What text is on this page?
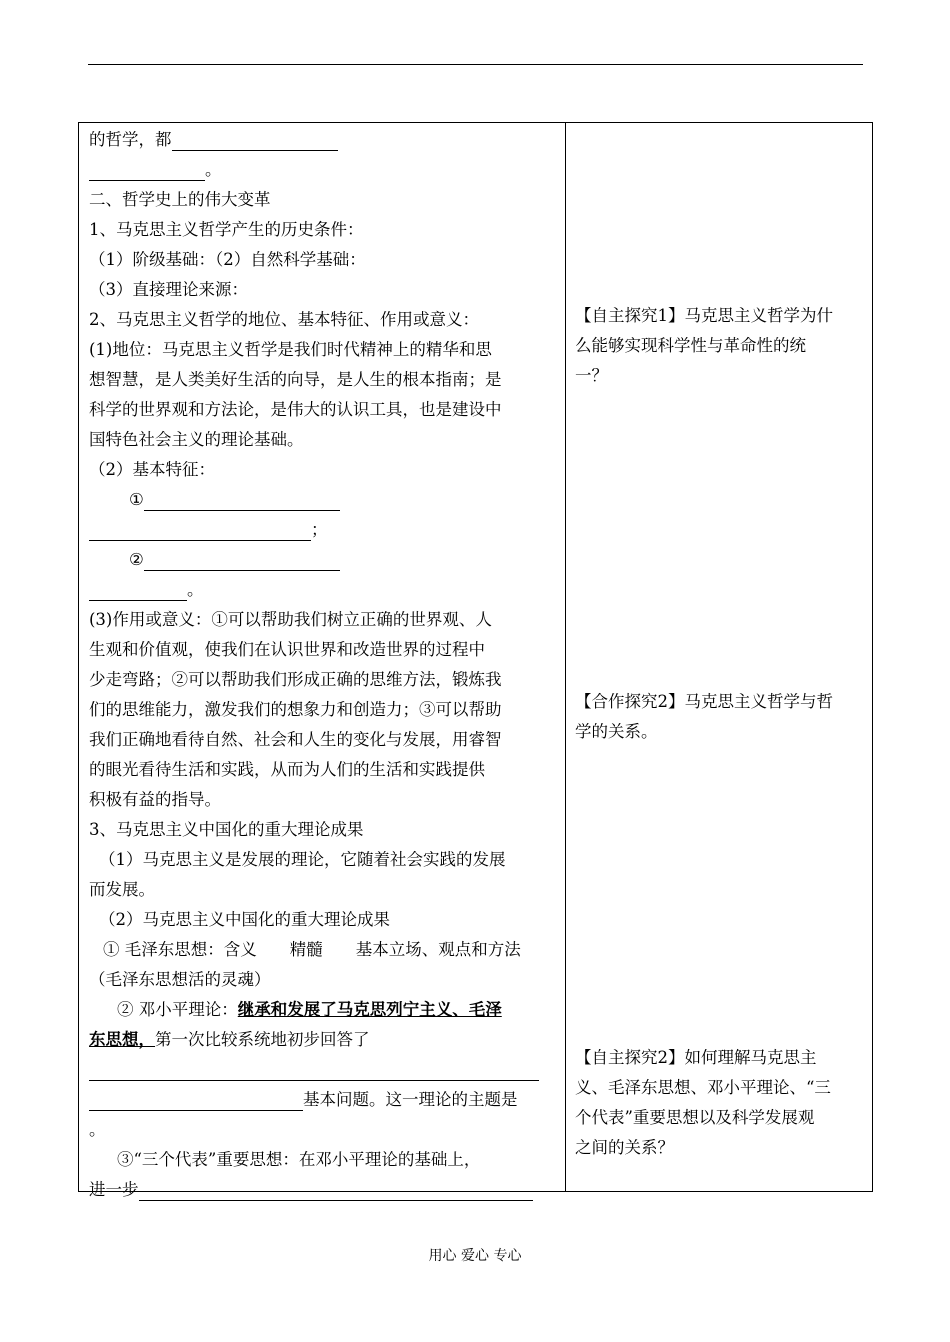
的哲学，都

。

二、哲学史上的伟大变革

1、马克思主义哲学产生的历史条件：

（1）阶级基础：（2）自然科学基础：

（3）直接理论来源：

2、马克思主义哲学的地位、基本特征、作用或意义：

(1)地位：马克思主义哲学是我们时代精神上的精华和思

想智慧，是人类美好生活的向导，是人生的根本指南；是

科学的世界观和方法论，是伟大的认识工具，也是建设中

国特色社会主义的理论基础。

（2）基本特征：

①

；

②

。

(3)作用或意义：①可以帮助我们树立正确的世界观、人

生观和价值观，使我们在认识世界和改造世界的过程中

少走弯路；②可以帮助我们形成正确的思维方法，锻炼我

们的思维能力，激发我们的想象力和创造力；③可以帮助

我们正确地看待自然、社会和人生的变化与发展，用睿智

的眼光看待生活和实践，从而为人们的生活和实践提供

积极有益的指导。

3、马克思主义中国化的重大理论成果

（1）马克思主义是发展的理论，它随着社会实践的发展

而发展。

（2）马克思主义中国化的重大理论成果

① 毛泽东思想：含义　　精髓　　基本立场、观点和方法

（毛泽东思想活的灵魂）

② 邓小平理论：继承和发展了马克思列宁主义、毛泽

东思想，第一次比较系统地初步回答了

基本问题。这一理论的主题是

。

③“三个代表”重要思想：在邓小平理论的基础上，

进一步

【自主探究1】马克思主义哲学为什
么能够实现科学性与革命性的统
一？
【合作探究2】马克思主义哲学与哲
学的关系。
【自主探究2】如何理解马克思主
义、毛泽东思想、邓小平理论、“三
个代表”重要思想以及科学发展观
之间的关系？
用心 爱心 专心
